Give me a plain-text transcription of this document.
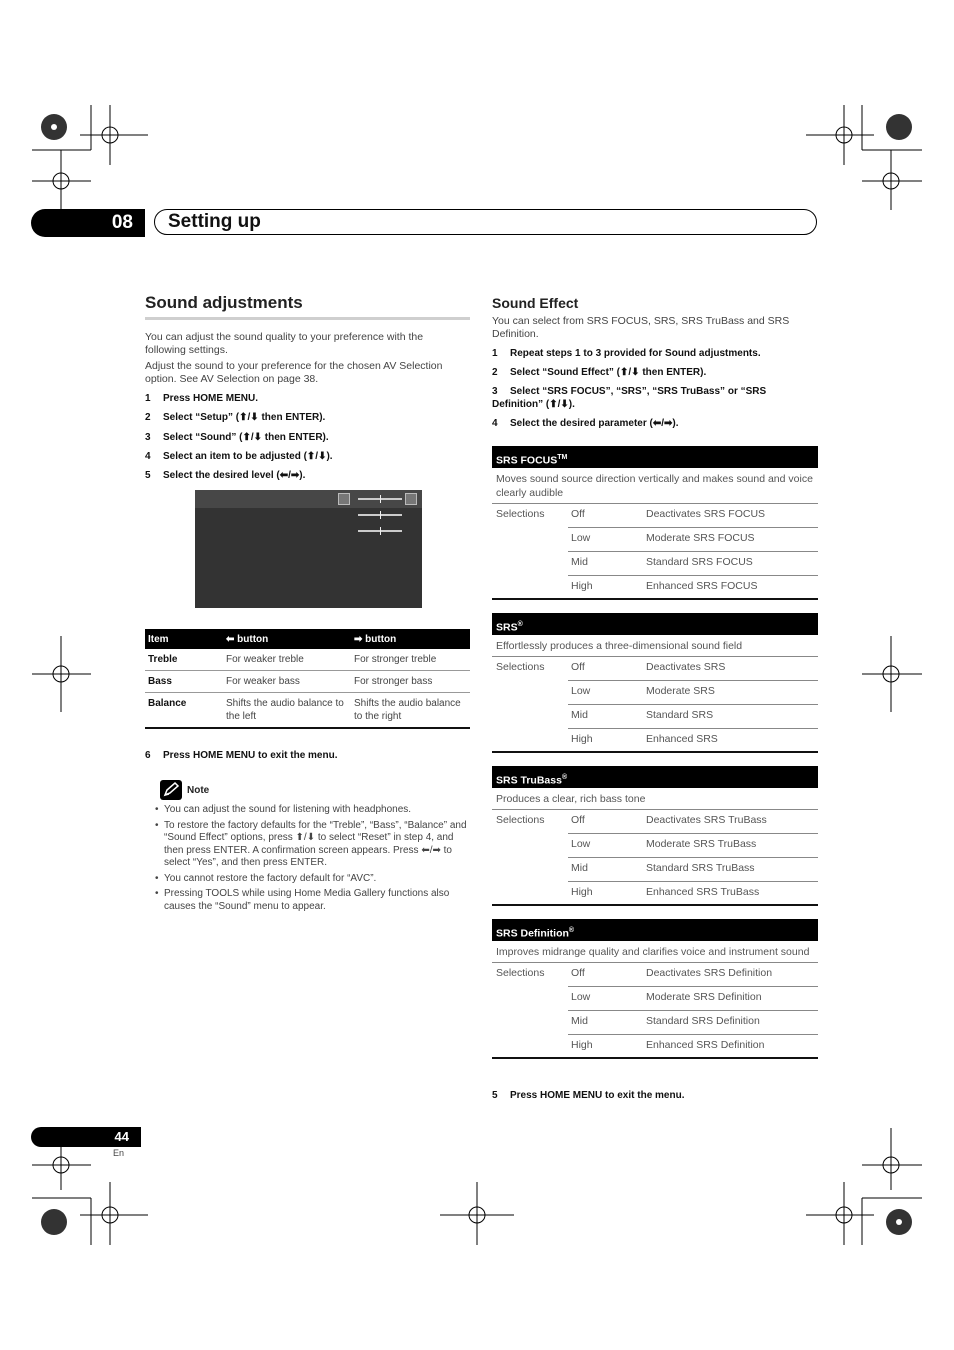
08	Setting up
Sound adjustments
You can adjust the sound quality to your preference with the following settings.
Adjust the sound to your preference for the chosen AV Selection option. See AV Selection on page 38.
1 Press HOME MENU.
2 Select “Setup” (⬆/⬇ then ENTER).
3 Select “Sound” (⬆/⬇ then ENTER).
4 Select an item to be adjusted (⬆/⬇).
5 Select the desired level (⬅/➡).
Item	⬅ button	➡ button
Treble	For weaker treble	For stronger treble
Bass	For weaker bass	For stronger bass
Balance	Shifts the audio balance to the left	Shifts the audio balance to the right
6 Press HOME MENU to exit the menu.
Note
• You can adjust the sound for listening with headphones.
• To restore the factory defaults for the “Treble”, “Bass”, “Balance” and “Sound Effect” options, press ⬆/⬇ to select “Reset” in step 4, and then press ENTER. A confirmation screen appears. Press ⬅/➡ to select “Yes”, and then press ENTER.
• You cannot restore the factory default for “AVC”.
• Pressing TOOLS while using Home Media Gallery functions also causes the “Sound” menu to appear.
Sound Effect
You can select from SRS FOCUS, SRS, SRS TruBass and SRS Definition.
1 Repeat steps 1 to 3 provided for Sound adjustments.
2 Select “Sound Effect” (⬆/⬇ then ENTER).
3 Select “SRS FOCUS”, “SRS”, “SRS TruBass” or “SRS Definition” (⬆/⬇).
4 Select the desired parameter (⬅/➡).
SRS FOCUS™
Moves sound source direction vertically and makes sound and voice clearly audible
Selections	Off	Deactivates SRS FOCUS
Low	Moderate SRS FOCUS
Mid	Standard SRS FOCUS
High	Enhanced SRS FOCUS
SRS®
Effortlessly produces a three-dimensional sound field
Selections	Off	Deactivates SRS
Low	Moderate SRS
Mid	Standard SRS
High	Enhanced SRS
SRS TruBass®
Produces a clear, rich bass tone
Selections	Off	Deactivates SRS TruBass
Low	Moderate SRS TruBass
Mid	Standard SRS TruBass
High	Enhanced SRS TruBass
SRS Definition®
Improves midrange quality and clarifies voice and instrument sound
Selections	Off	Deactivates SRS Definition
Low	Moderate SRS Definition
Mid	Standard SRS Definition
High	Enhanced SRS Definition
5 Press HOME MENU to exit the menu.
44
En
